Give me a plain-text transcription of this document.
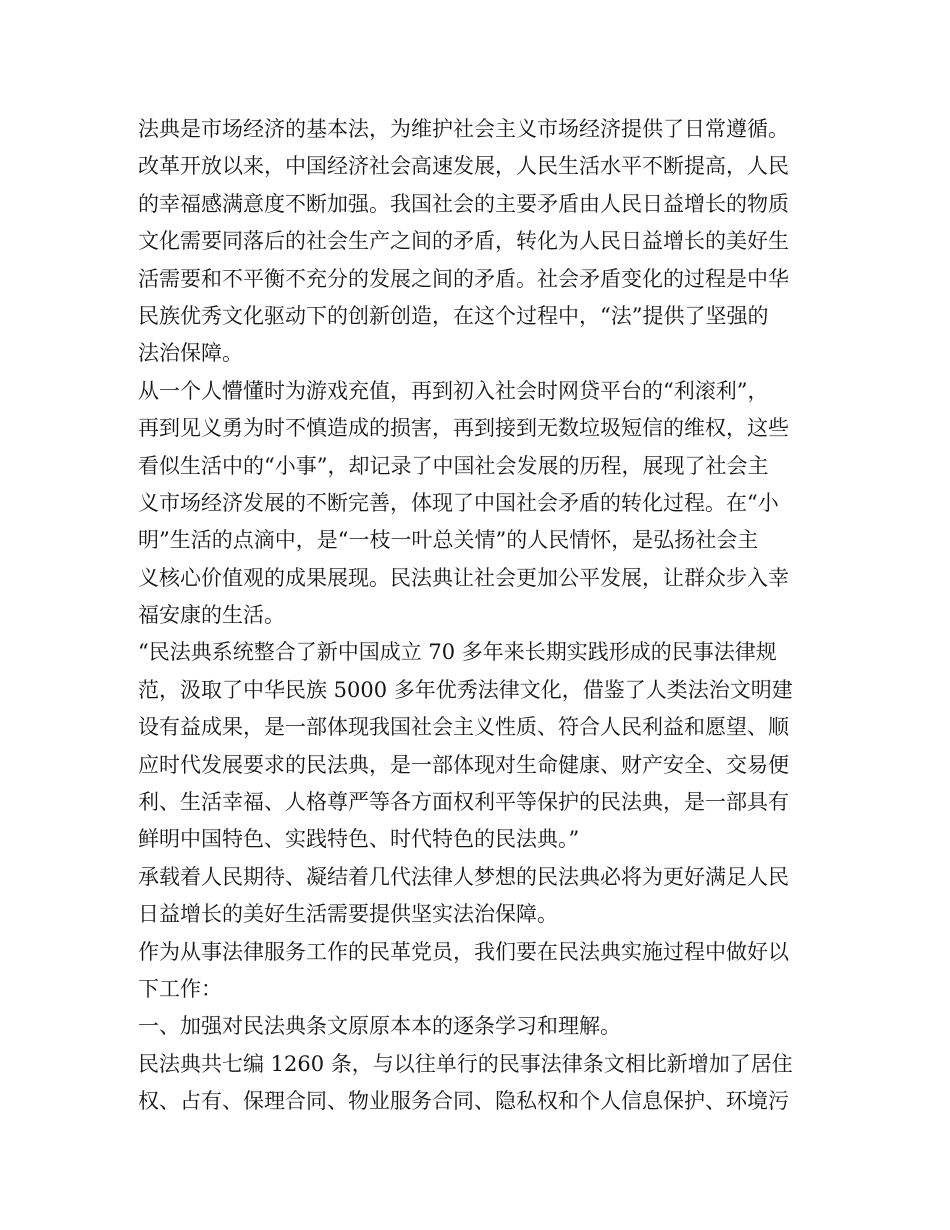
法典是市场经济的基本法，为维护社会主义市场经济提供了日常遵循。
改革开放以来，中国经济社会高速发展，人民生活水平不断提高，人民
的幸福感满意度不断加强。我国社会的主要矛盾由人民日益增长的物质
文化需要同落后的社会生产之间的矛盾，转化为人民日益增长的美好生
活需要和不平衡不充分的发展之间的矛盾。社会矛盾变化的过程是中华
民族优秀文化驱动下的创新创造，在这个过程中，“法”提供了坚强的
法治保障。
从一个人懵懂时为游戏充值，再到初入社会时网贷平台的“利滚利”，
再到见义勇为时不慎造成的损害，再到接到无数垃圾短信的维权，这些
看似生活中的“小事”，却记录了中国社会发展的历程，展现了社会主
义市场经济发展的不断完善，体现了中国社会矛盾的转化过程。在“小
明”生活的点滴中，是“一枝一叶总关情”的人民情怀，是弘扬社会主
义核心价值观的成果展现。民法典让社会更加公平发展，让群众步入幸
福安康的生活。
“民法典系统整合了新中国成立 70 多年来长期实践形成的民事法律规
范，汲取了中华民族 5000 多年优秀法律文化，借鉴了人类法治文明建
设有益成果，是一部体现我国社会主义性质、符合人民利益和愿望、顺
应时代发展要求的民法典，是一部体现对生命健康、财产安全、交易便
利、生活幸福、人格尊严等各方面权利平等保护的民法典，是一部具有
鲜明中国特色、实践特色、时代特色的民法典。”
承载着人民期待、凝结着几代法律人梦想的民法典必将为更好满足人民
日益增长的美好生活需要提供坚实法治保障。
作为从事法律服务工作的民革党员，我们要在民法典实施过程中做好以
下工作：
一、加强对民法典条文原原本本的逐条学习和理解。
民法典共七编 1260 条，与以往单行的民事法律条文相比新增加了居住
权、占有、保理合同、物业服务合同、隐私权和个人信息保护、环境污
